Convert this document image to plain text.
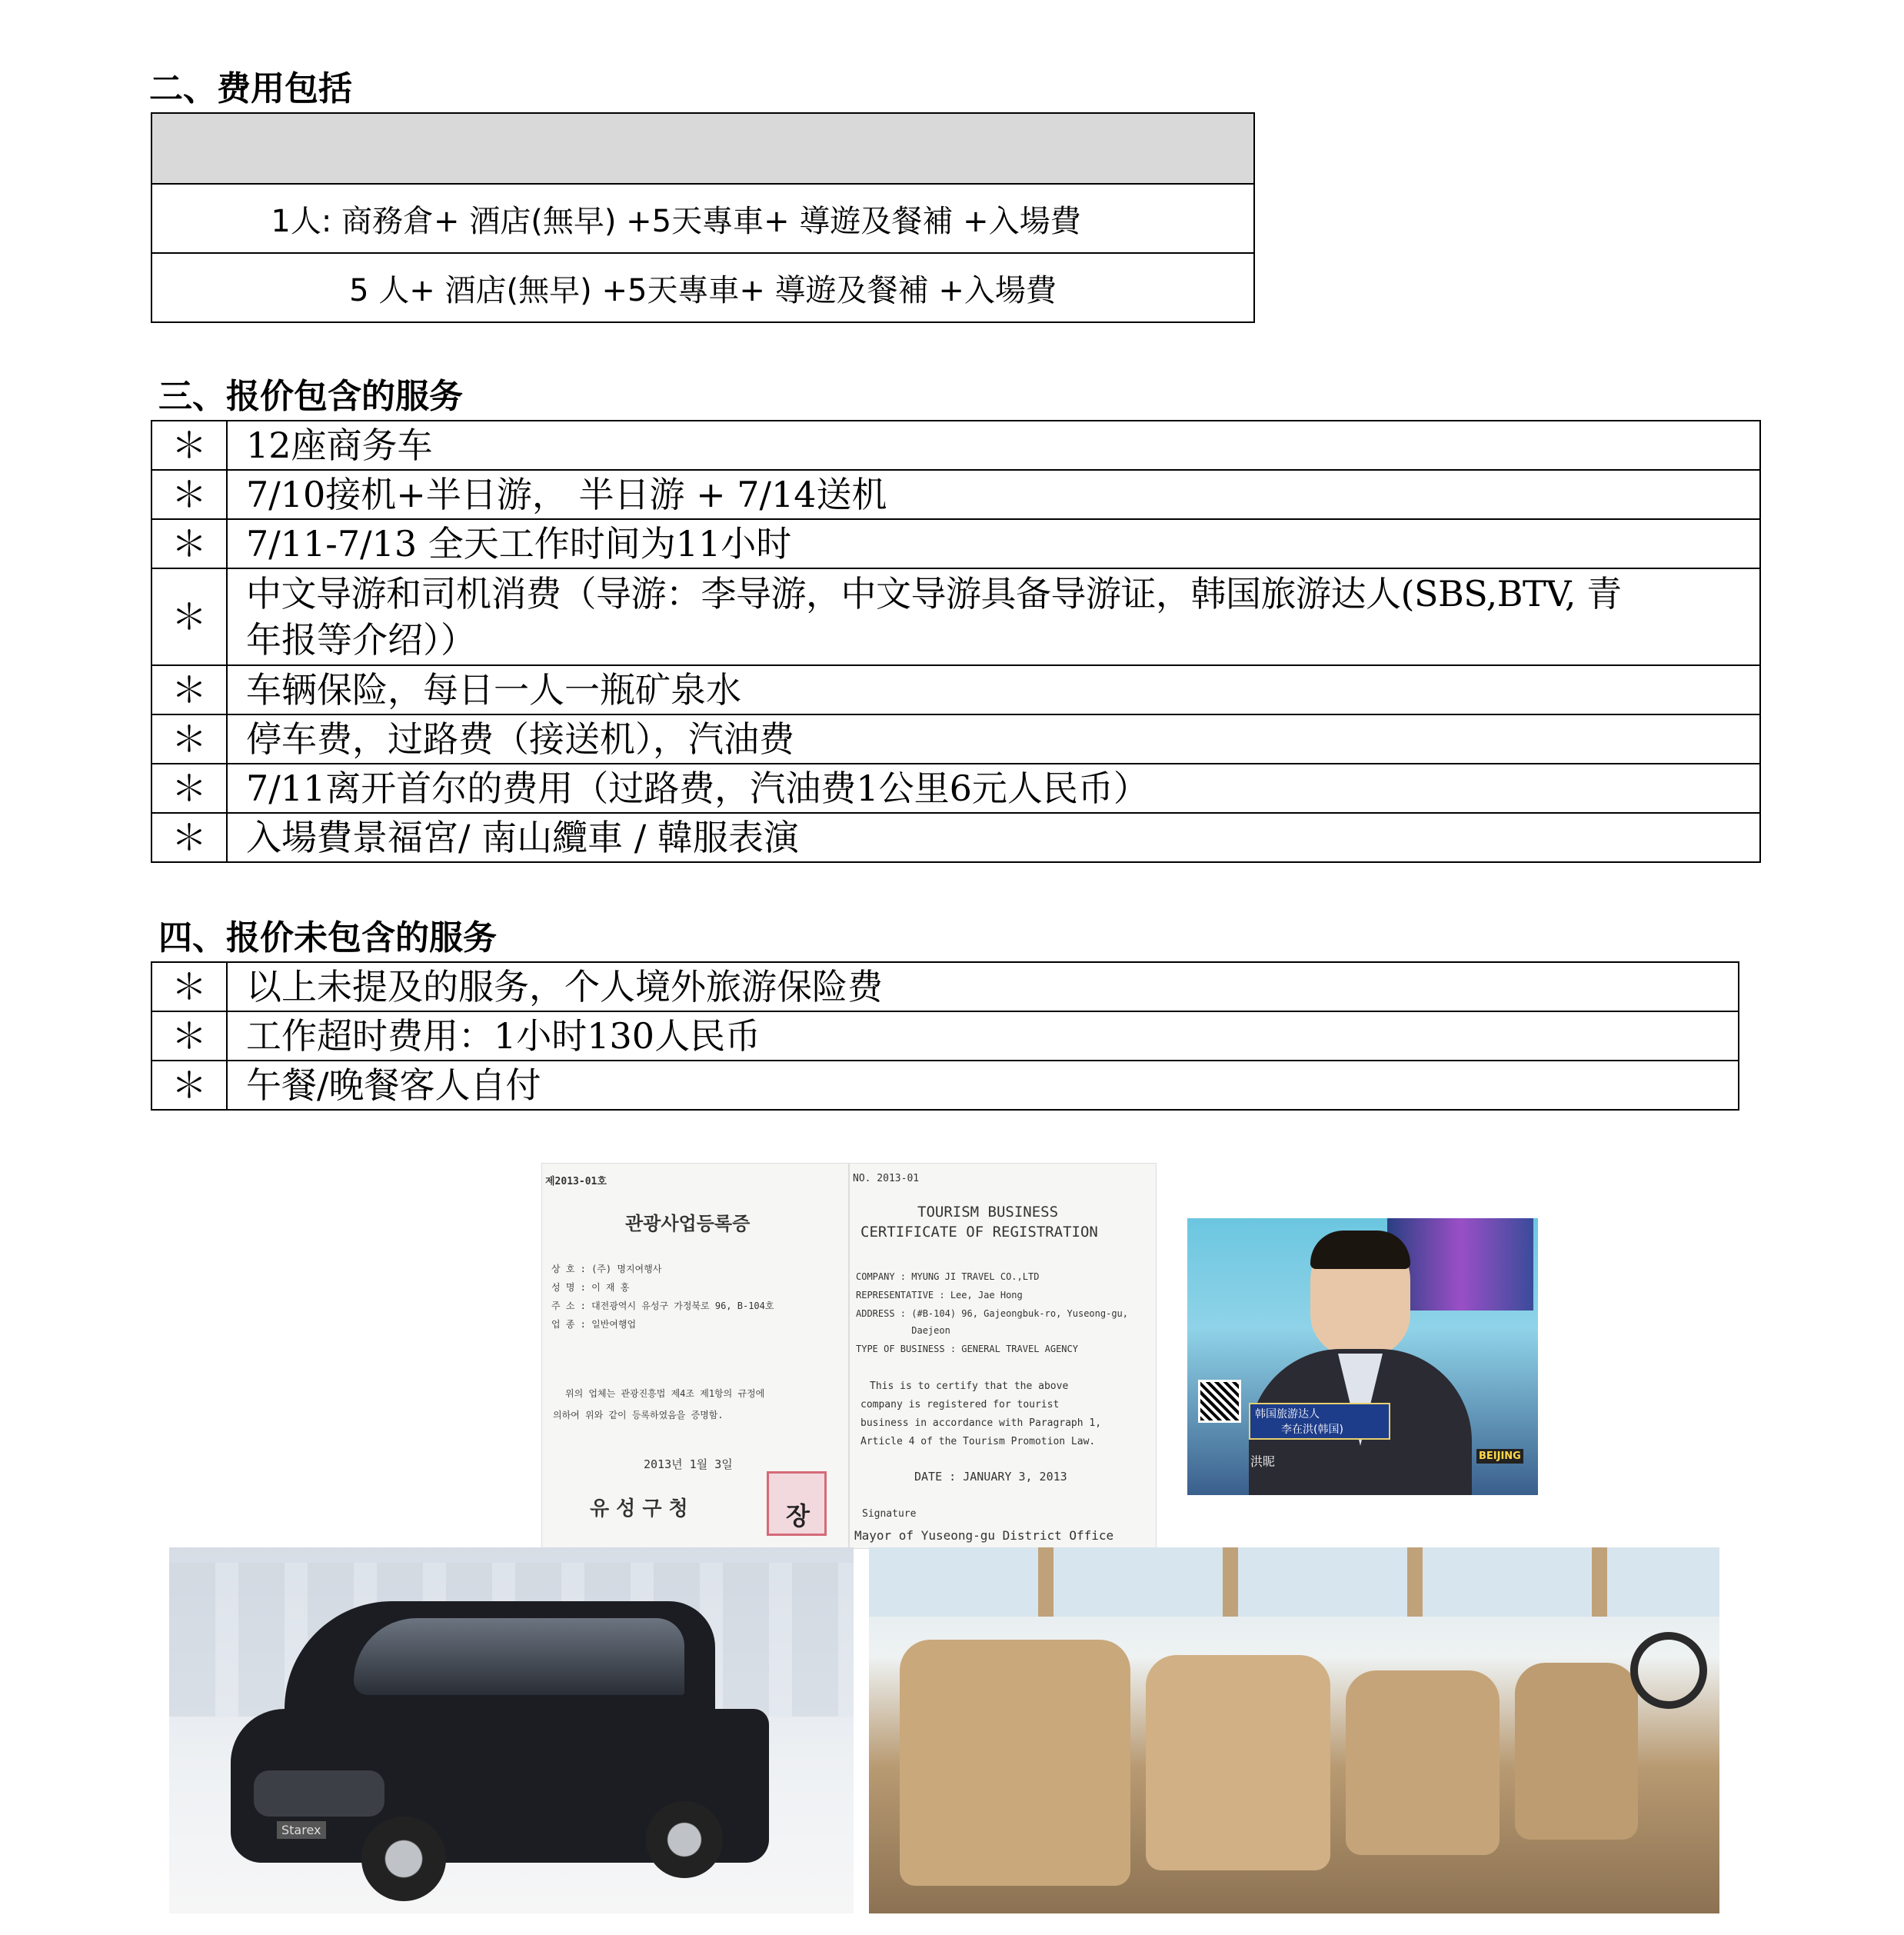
二、费用包括

1人: 商務倉+ 酒店(無早) +5天專車+ 導遊及餐補 +入場費
5 人+ 酒店(無早) +5天專車+ 導遊及餐補 +入場費
三、报价包含的服务
＊	12座商务车
＊	7/10接机+半日游， 半日游 + 7/14送机
＊	7/11-7/13 全天工作时间为11小时
＊	中文导游和司机消费（导游：李导游，中文导游具备导游证，韩国旅游达人(SBS,BTV, 青
年报等介绍））

＊	车辆保险，每日一人一瓶矿泉水
＊	停车费，过路费（接送机），汽油费
＊	7/11离开首尔的费用（过路费，汽油费1公里6元人民币）
＊	入場費景福宮/ 南山纜車 / 韓服表演
四、报价未包含的服务
＊	以上未提及的服务，个人境外旅游保险费
＊	工作超时费用：1小时130人民币
＊	午餐/晚餐客人自付
제2013-01호
관광사업등록증
상 호 : (주) 명지여행사
성 명 : 이 재 홍
주 소 : 대전광역시 유성구 가정북로 96, B-104호
업 종 : 일반여행업
위의 업체는 관광진흥법 제4조 제1항의 규정에
의하여 위와 같이 등록하였음을 증명함.
2013년 1월 3일
유 성 구 청	장
NO. 2013-01
TOURISM BUSINESS
CERTIFICATE OF REGISTRATION
COMPANY : MYUNG JI TRAVEL CO.,LTD
REPRESENTATIVE : Lee, Jae Hong
ADDRESS : (#B-104) 96, Gajeongbuk-ro, Yuseong-gu,
Daejeon
TYPE OF BUSINESS : GENERAL TRAVEL AGENCY
This is to certify that the above
company is registered for tourist
business in accordance with Paragraph 1,
Article 4 of the Tourism Promotion Law.
DATE : JANUARY 3, 2013
Signature
Mayor of Yuseong-gu District Office
韩国旅游达人
李在洪(韩国)
洪昵	BEIJING
Starex
